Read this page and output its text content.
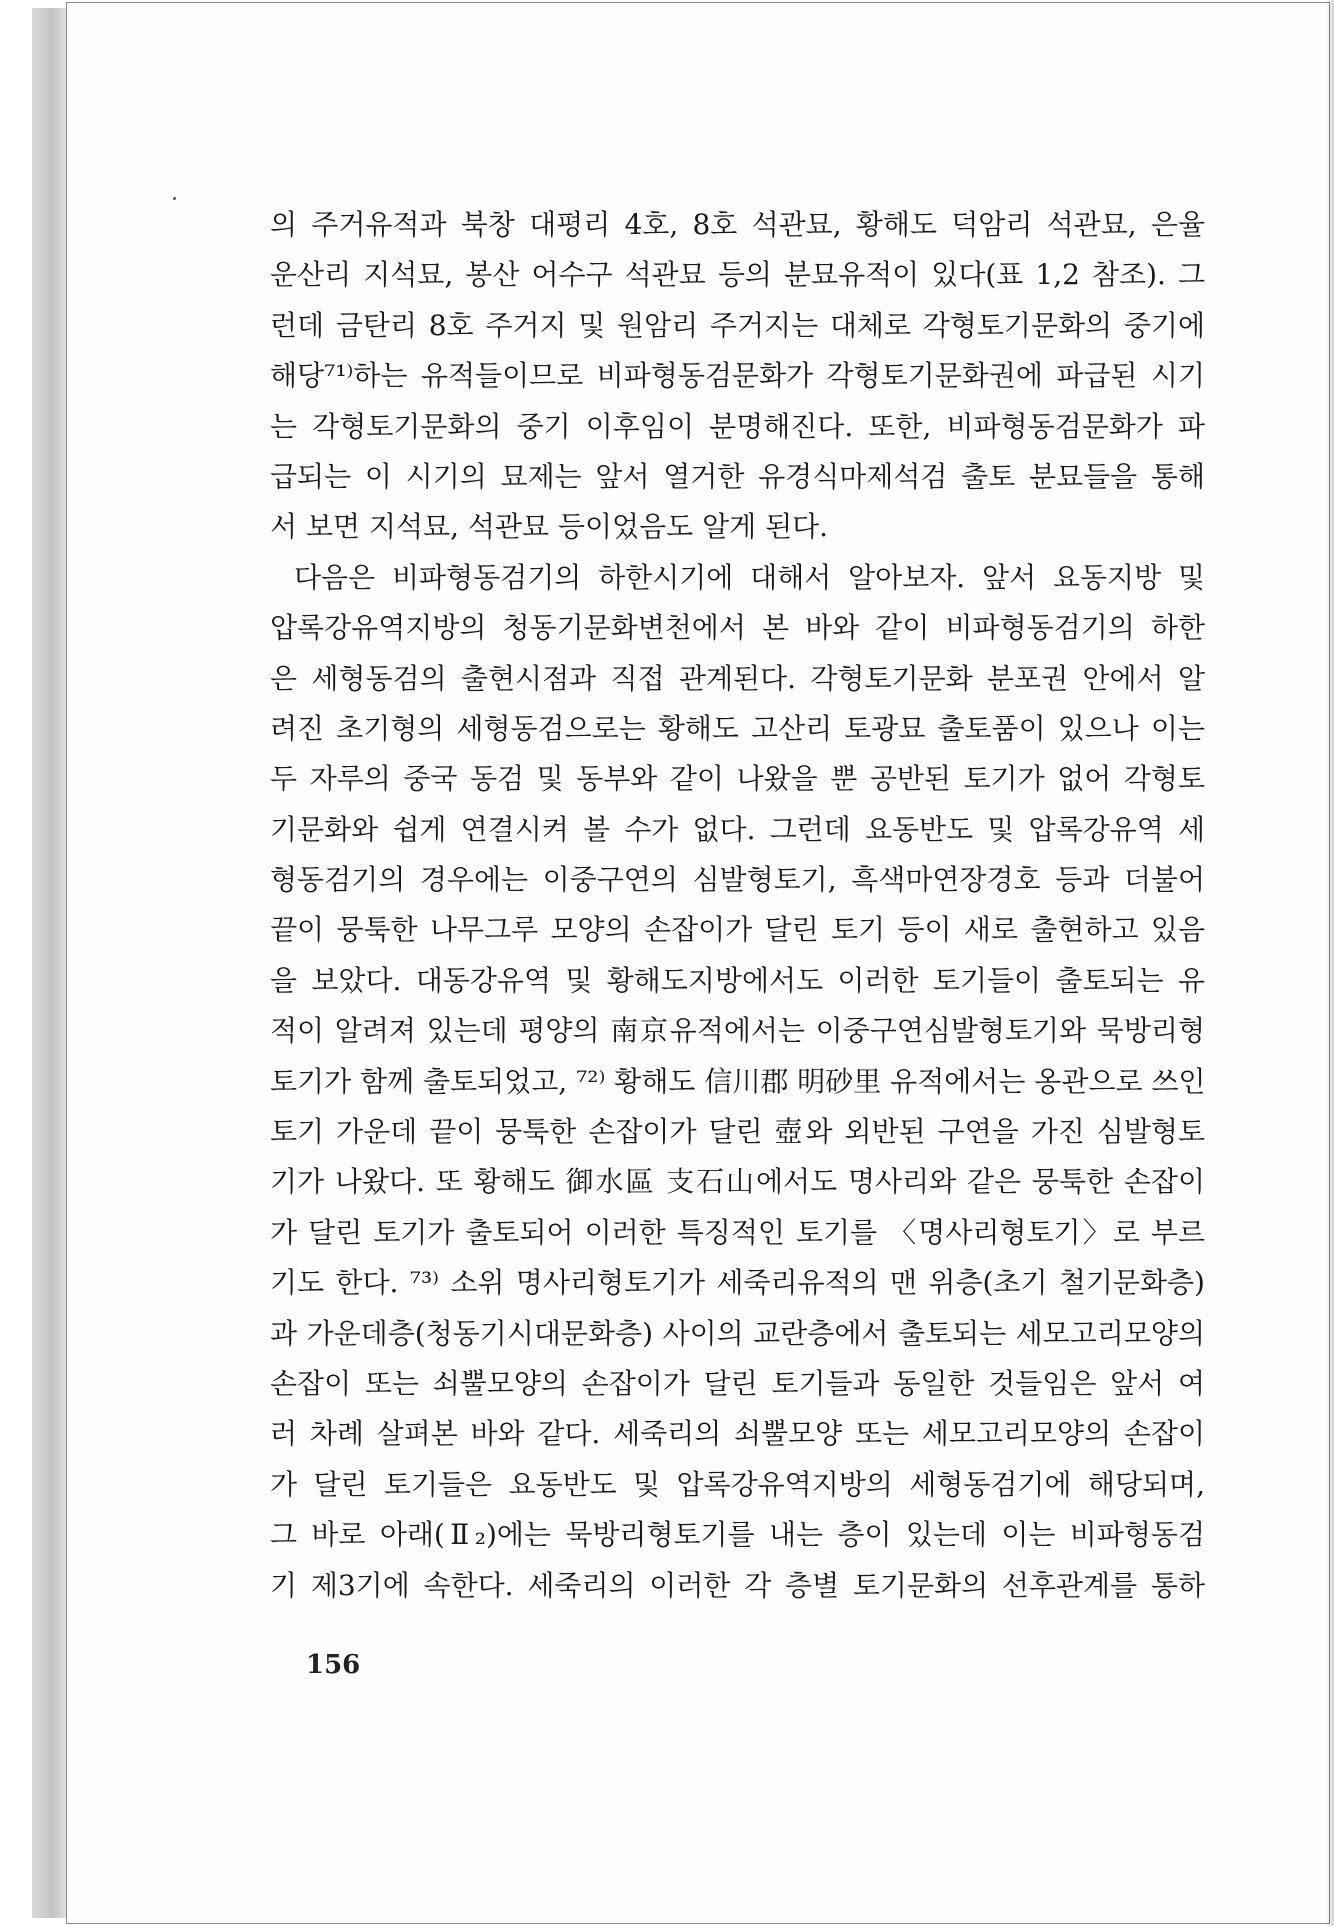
의 주거유적과 북창 대평리 4호, 8호 석관묘, 황해도 덕암리 석관묘, 은율
운산리 지석묘, 봉산 어수구 석관묘 등의 분묘유적이 있다(표 1,2 참조). 그
런데 금탄리 8호 주거지 및 원암리 주거지는 대체로 각형토기문화의 중기에
해당⁷¹⁾하는 유적들이므로 비파형동검문화가 각형토기문화권에 파급된 시기
는 각형토기문화의 중기 이후임이 분명해진다. 또한, 비파형동검문화가 파
급되는 이 시기의 묘제는 앞서 열거한 유경식마제석검 출토 분묘들을 통해
서 보면 지석묘, 석관묘 등이었음도 알게 된다.
다음은 비파형동검기의 하한시기에 대해서 알아보자. 앞서 요동지방 및
압록강유역지방의 청동기문화변천에서 본 바와 같이 비파형동검기의 하한
은 세형동검의 출현시점과 직접 관계된다. 각형토기문화 분포권 안에서 알
려진 초기형의 세형동검으로는 황해도 고산리 토광묘 출토품이 있으나 이는
두 자루의 중국 동검 및 동부와 같이 나왔을 뿐 공반된 토기가 없어 각형토
기문화와 쉽게 연결시켜 볼 수가 없다. 그런데 요동반도 및 압록강유역 세
형동검기의 경우에는 이중구연의 심발형토기, 흑색마연장경호 등과 더불어
끝이 뭉툭한 나무그루 모양의 손잡이가 달린 토기 등이 새로 출현하고 있음
을 보았다. 대동강유역 및 황해도지방에서도 이러한 토기들이 출토되는 유
적이 알려져 있는데 평양의 南京유적에서는 이중구연심발형토기와 묵방리형
토기가 함께 출토되었고, ⁷²⁾ 황해도 信川郡 明砂里 유적에서는 옹관으로 쓰인
토기 가운데 끝이 뭉툭한 손잡이가 달린 壺와 외반된 구연을 가진 심발형토
기가 나왔다. 또 황해도 御水區 支石山에서도 명사리와 같은 뭉툭한 손잡이
가 달린 토기가 출토되어 이러한 특징적인 토기를 〈명사리형토기〉로 부르
기도 한다. ⁷³⁾ 소위 명사리형토기가 세죽리유적의 맨 위층(초기 철기문화층)
과 가운데층(청동기시대문화층) 사이의 교란층에서 출토되는 세모고리모양의
손잡이 또는 쇠뿔모양의 손잡이가 달린 토기들과 동일한 것들임은 앞서 여
러 차례 살펴본 바와 같다. 세죽리의 쇠뿔모양 또는 세모고리모양의 손잡이
가 달린 토기들은 요동반도 및 압록강유역지방의 세형동검기에 해당되며,
그 바로 아래(Ⅱ₂)에는 묵방리형토기를 내는 층이 있는데 이는 비파형동검
기 제3기에 속한다. 세죽리의 이러한 각 층별 토기문화의 선후관계를 통하
156
